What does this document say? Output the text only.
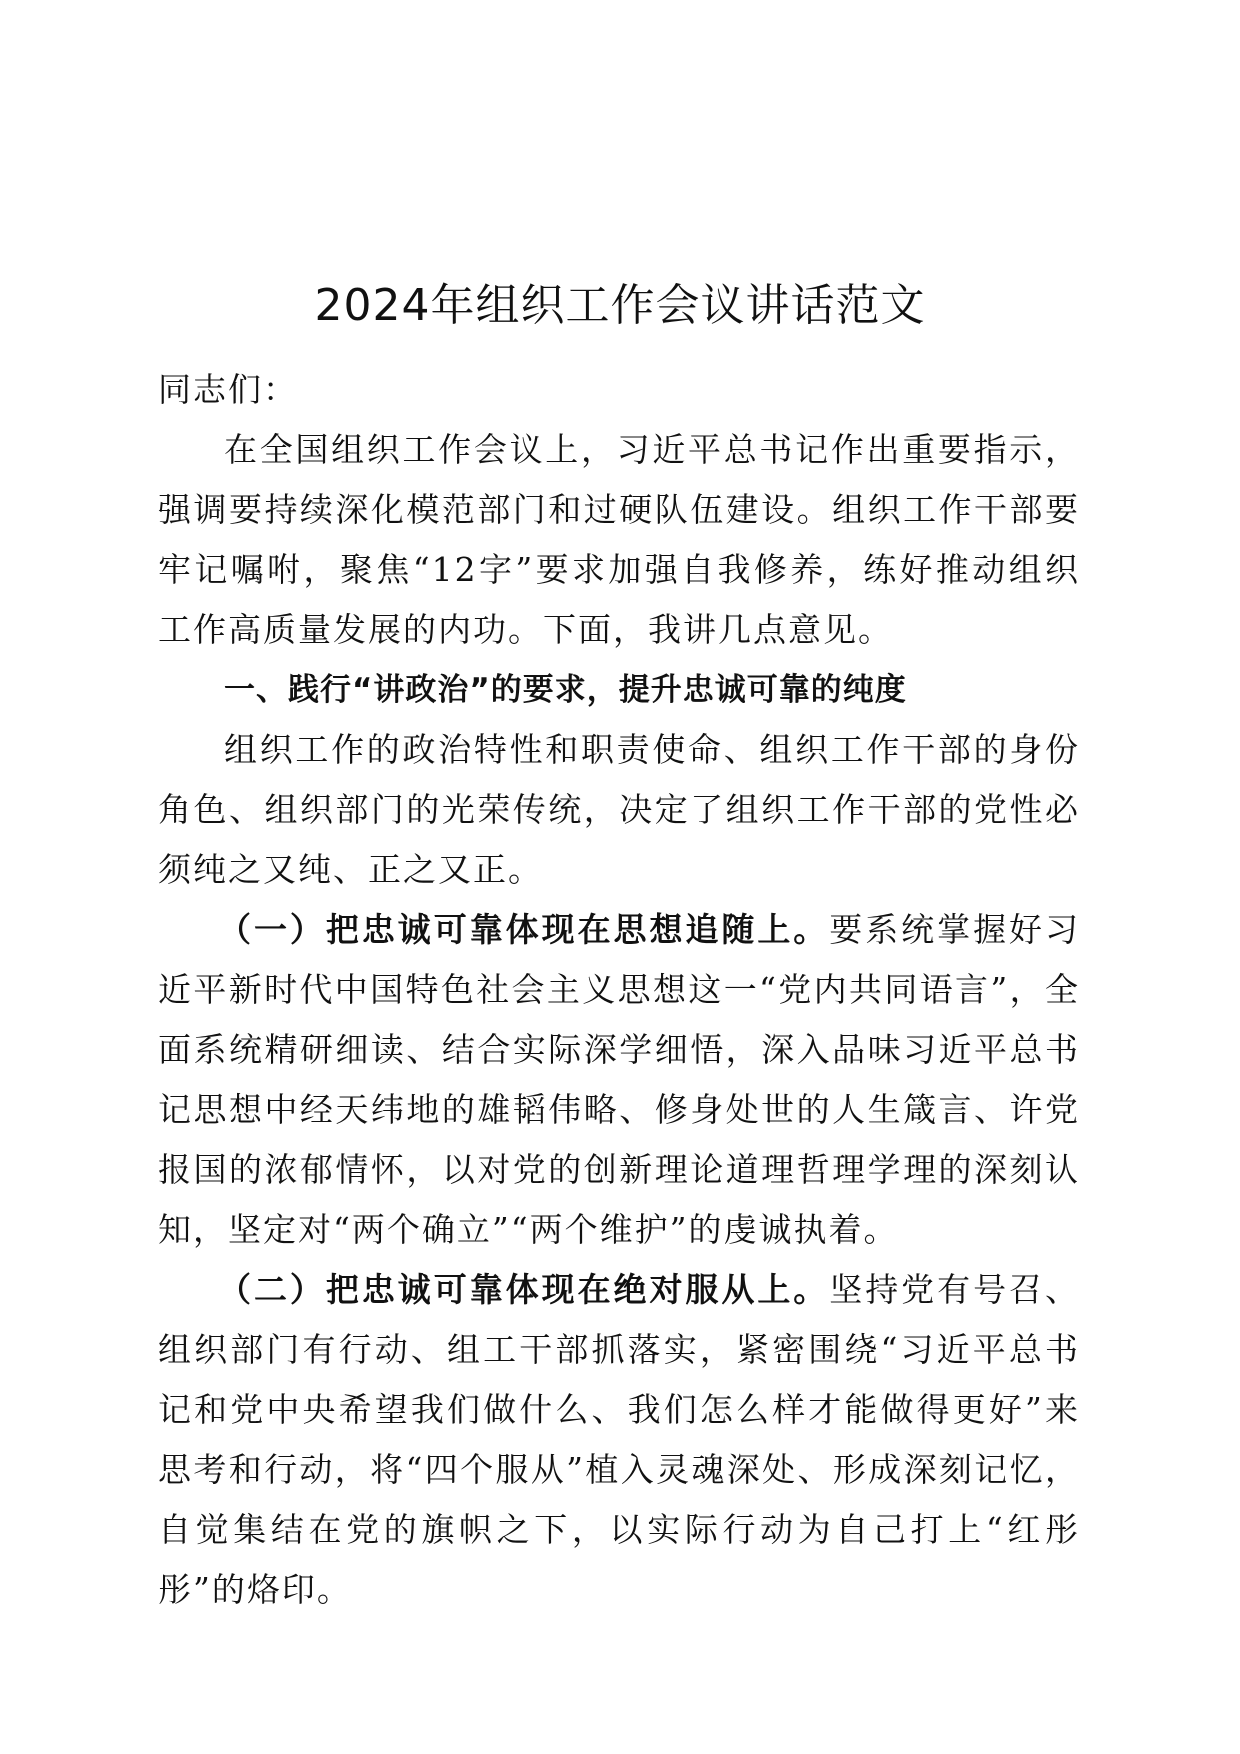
2024年组织工作会议讲话范文

同志们：

在全国组织工作会议上，习近平总书记作出重要指示，强调要持续深化模范部门和过硬队伍建设。组织工作干部要牢记嘱咐，聚焦“12字”要求加强自我修养，练好推动组织工作高质量发展的内功。下面，我讲几点意见。

一、践行“讲政治”的要求，提升忠诚可靠的纯度

组织工作的政治特性和职责使命、组织工作干部的身份角色、组织部门的光荣传统，决定了组织工作干部的党性必须纯之又纯、正之又正。

（一）把忠诚可靠体现在思想追随上。要系统掌握好习近平新时代中国特色社会主义思想这一“党内共同语言”，全面系统精研细读、结合实际深学细悟，深入品味习近平总书记思想中经天纬地的雄韬伟略、修身处世的人生箴言、许党报国的浓郁情怀，以对党的创新理论道理哲理学理的深刻认知，坚定对“两个确立”“两个维护”的虔诚执着。

（二）把忠诚可靠体现在绝对服从上。坚持党有号召、组织部门有行动、组工干部抓落实，紧密围绕“习近平总书记和党中央希望我们做什么、我们怎么样才能做得更好”来思考和行动，将“四个服从”植入灵魂深处、形成深刻记忆，自觉集结在党的旗帜之下，以实际行动为自己打上“红彤彤”的烙印。
